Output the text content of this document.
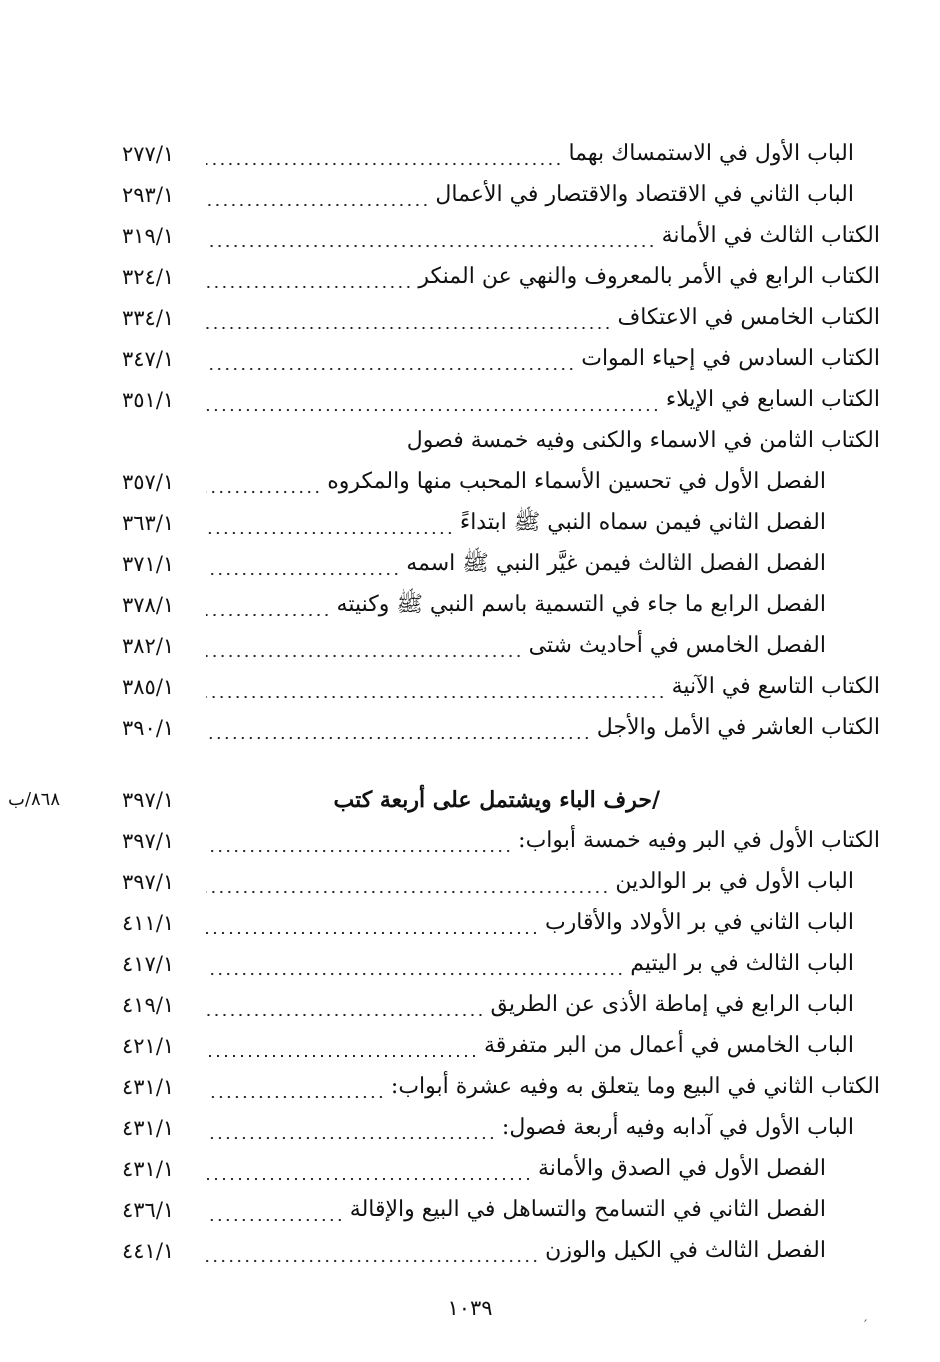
الباب الأول في الاستمساك بهما
٢٧٧/١
الباب الثاني في الاقتصاد والاقتصار في الأعمال
٢٩٣/١
الكتاب الثالث في الأمانة
٣١٩/١
الكتاب الرابع في الأمر بالمعروف والنهي عن المنكر
٣٢٤/١
الكتاب الخامس في الاعتكاف
٣٣٤/١
الكتاب السادس في إحياء الموات
٣٤٧/١
الكتاب السابع في الإيلاء
٣٥١/١
الكتاب الثامن في الاسماء والكنى وفيه خمسة فصول
الفصل الأول في تحسين الأسماء المحبب منها والمكروه
٣٥٧/١
الفصل الثاني فيمن سماه النبي ﷺ ابتداءً
٣٦٣/١
الفصل الفصل الثالث فيمن غيَّر النبي ﷺ اسمه
٣٧١/١
الفصل الرابع ما جاء في التسمية باسم النبي ﷺ وكنيته
٣٧٨/١
الفصل الخامس في أحاديث شتى
٣٨٢/١
الكتاب التاسع في الآنية
٣٨٥/١
الكتاب العاشر في الأمل والأجل
٣٩٠/١
/حرف الباء ويشتمل على أربعة كتب
٣٩٧/١
٨٦٨/ب
الكتاب الأول في البر وفيه خمسة أبواب:
٣٩٧/١
الباب الأول في بر الوالدين
٣٩٧/١
الباب الثاني في بر الأولاد والأقارب
٤١١/١
الباب الثالث في بر اليتيم
٤١٧/١
الباب الرابع في إماطة الأذى عن الطريق
٤١٩/١
الباب الخامس في أعمال من البر متفرقة
٤٢١/١
الكتاب الثاني في البيع وما يتعلق به وفيه عشرة أبواب:
٤٣١/١
الباب الأول في آدابه وفيه أربعة فصول:
٤٣١/١
الفصل الأول في الصدق والأمانة
٤٣١/١
الفصل الثاني في التسامح والتساهل في البيع والإقالة
٤٣٦/١
الفصل الثالث في الكيل والوزن
٤٤١/١
١٠٣٩
′
